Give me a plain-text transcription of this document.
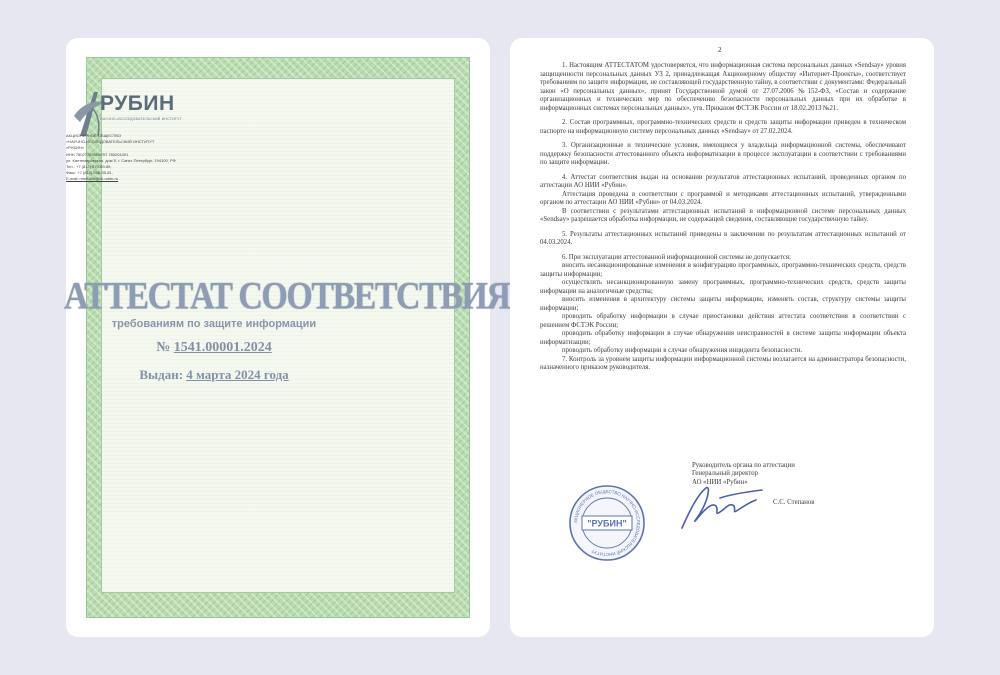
РУБИН
НАУЧНО-ИССЛЕДОВАТЕЛЬСКИЙ ИНСТИТУТ
АКЦИОНЕРНОЕ ОБЩЕСТВО
«НАУЧНО-ИССЛЕДОВАТЕЛЬСКИЙ ИНСТИТУТ
«РУБИН»
ИНН 7802776390/КПП 780201001
ул. Кантемировская, дом 5, г. Санкт-Петербург, 194100, РФ
Тел.: +7 (812) 670-89-89,
Факс: +7 (812) 596-35-81,
E-mail: nrinrubin@nii-rubin.ru
АТТЕСТАТ СООТВЕТСТВИЯ
требованиям по защите информации
№ 1541.00001.2024
Выдан: 4 марта 2024 года
2

1. Настоящим АТТЕСТАТОМ удостоверяется, что информационная система персональных данных «Sendsay» уровня защищенности персональных данных УЗ 2, принадлежащая Акционерному обществу «Интернет-Проекты», соответствует требованиям по защите информации, не составляющей государственную тайну, в соответствии с документами: Федеральный закон «О персональных данных», принят Государственной думой от 27.07.2006 №152-ФЗ, «Состав и содержание организационных и технических мер по обеспечению безопасности персональных данных при их обработке в информационных системах персональных данных», утв. Приказом ФСТЭК России от 18.02.2013 №21.

2. Состав программных, программно-технических средств и средств защиты информации приведен в техническом паспорте на информационную систему персональных данных «Sendsay» от 27.02.2024.

3. Организационные и технические условия, имеющиеся у владельца информационной системы, обеспечивают поддержку безопасности аттестованного объекта информатизации в процессе эксплуатации в соответствии с требованиями по защите информации.

4. Аттестат соответствия выдан на основании результатов аттестационных испытаний, проведенных органом по аттестации АО НИИ «Рубин».

Аттестация проведена в соответствии с программой и методиками аттестационных испытаний, утвержденными органом по аттестации АО НИИ «Рубин» от 04.03.2024.

В соответствии с результатами аттестационных испытаний в информационной системе персональных данных «Sendsay» разрешается обработка информации, не содержащей сведения, составляющие государственную тайну.

5. Результаты аттестационных испытаний приведены в заключении по результатам аттестационных испытаний от 04.03.2024.

6. При эксплуатации аттестованной информационной системы не допускается:

вносить несанкционированные изменения в конфигурацию программных, программно-технических средств, средств защиты информации;

осуществлять несанкционированную замену программных, программно-технических средств, средств защиты информации на аналогичные средства;

вносить изменения в архитектуру системы защиты информации, изменять состав, структуру системы защиты информации;

проводить обработку информации в случае приостановки действия аттестата соответствия в соответствии с решением ФСТЭК России;

проводить обработку информации в случае обнаружения неисправностей в системе защиты информации объекта информатизации;

проводить обработку информации в случае обнаружения инцидента безопасности.

7. Контроль за уровнем защиты информации информационной системы возлагается на администратора безопасности, назначенного приказом руководителя.

Руководитель органа по аттестации
Генеральный директор
АО «НИИ «Рубин»
С.С. Степанов
АКЦИОНЕРНОЕ ОБЩЕСТВО НАУЧНО-ИССЛЕДОВАТЕЛЬСКИЙ ИНСТИТУТ
"РУБИН"
